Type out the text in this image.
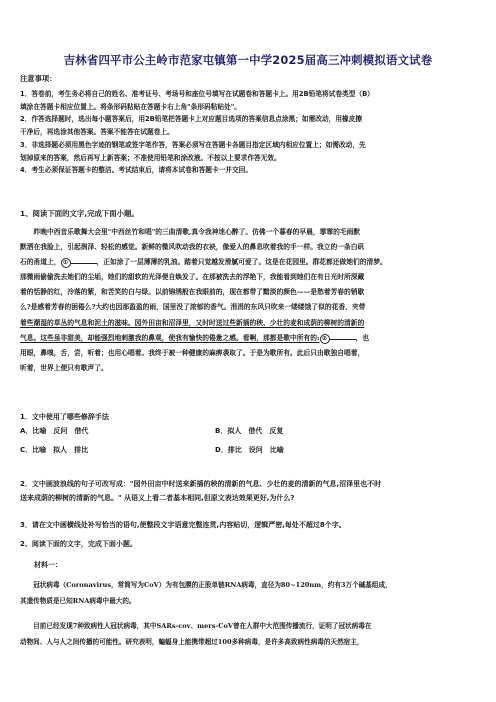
吉林省四平市公主岭市范家屯镇第一中学2025届高三冲刺模拟语文试卷
注意事项：

1．答卷前，考生务必将自己的姓名、准考证号、考场号和座位号填写在试题卷和答题卡上。用2B铅笔将试卷类型（B）

填涂在答题卡相应位置上。将条形码粘贴在答题卡右上角"条形码粘贴处"。

2．作答选择题时，选出每小题答案后，用2B铅笔把答题卡上对应题目选项的答案信息点涂黑；如需改动，用橡皮擦

干净后，再选涂其他答案。答案不能答在试题卷上。

3．非选择题必须用黑色字迹的钢笔或签字笔作答，答案必须写在答题卡各题目指定区域内相应位置上；如需改动，先

划掉原来的答案，然后再写上新答案；不准使用铅笔和涂改液。不按以上要求作答无效。

4．考生必须保证答题卡的整洁。考试结束后，请将本试卷和答题卡一并交回。

1、阅读下面的文字,完成下面小题。
　　昨晚中西音乐歌舞大会里"中西丝竹和唱"的三曲清歌,真令我神迷心醉了。仿佛一个暮春的早晨，霏霏的毛雨默
默洒在我脸上，引起润泽、轻松的感觉。新鲜的微风吹动我的衣袂，像爱人的鼻息吹着我的手一样。我立的一条白矾
石的甬道上， ①	，正如涂了一层薄薄的乳油。踏着只觉越发滑腻可爱了。这是在花园里。群花都还做她们的清梦。
那微雨偷偷洗去她们的尘垢，她们的甜软的光泽便自焕发了。在那被洗去的浮艳下，我能看到她们在有日光时所深藏
着的恬静的红，冷落的紫，和苦笑的白与绿。以前锦绣般在我眼前的，现在都带了黯淡的颜色——是愁着芳春的销歇
么?是感着芳春的困倦么?大约也因那盈盈的雨，国里没了浓郁的香气。涓涓的东风只吹来一缕缕饿了似的花香，夹带
着些潮湿的草丛的气息和泥土的滋味。园外田亩和沼泽里，又时时送过些新插的秧、少壮的麦和成荫的柳树的清新的
气息。这些虽非甜美，却能强烈地刺激我的鼻观，使我有愉快的倦惫之感。看啊，那都是歌中所有的: ②	，也
用眼，鼻嗅，舌，尝，听着；也用心唱着。我终于被一种健康的麻痹袭取了。于是为歌所有。此后只由歌独自唱着，
听着，世界上便只有歌声了。
1．文中使用了哪些修辞手法
A．比喻　反问　借代	B．拟人　借代　反复
C．比喻　拟人　排比	D．排比　设问　比喻
2．文中画波浪线的句子可改写成："园外田亩中时送来新插的秧的清新的气息、少壮的麦的清新的气息,沼泽里也不时
送来成荫的柳树的清新的气息。" 从语义上看二者基本相同,但原文表达效果更好,为什么?
3．请在文中画横线处补写恰当的语句,使整段文字语意完整连贯,内容贴切，逻辑严密,每处不超过8个字。
2、阅读下面的文字，完成下面小题。
　　材料一：
　　冠状病毒（Coronavirus，常简写为CoV）为有包膜的正股单链RNA病毒，直径为80~120nm，约有3万个碱基组成，
其遗传物质是已知RNA病毒中最大的。
　　目前已经发现7种致病性人冠状病毒，其中SARs-cov、mers-CoV曾在人群中大范围传播流行，证明了冠状病毒在
动物间、人与人之间传播的可能性。研究表明，蝙蝠身上能携带超过100多种病毒，是许多高致病性病毒的天然宿主，
